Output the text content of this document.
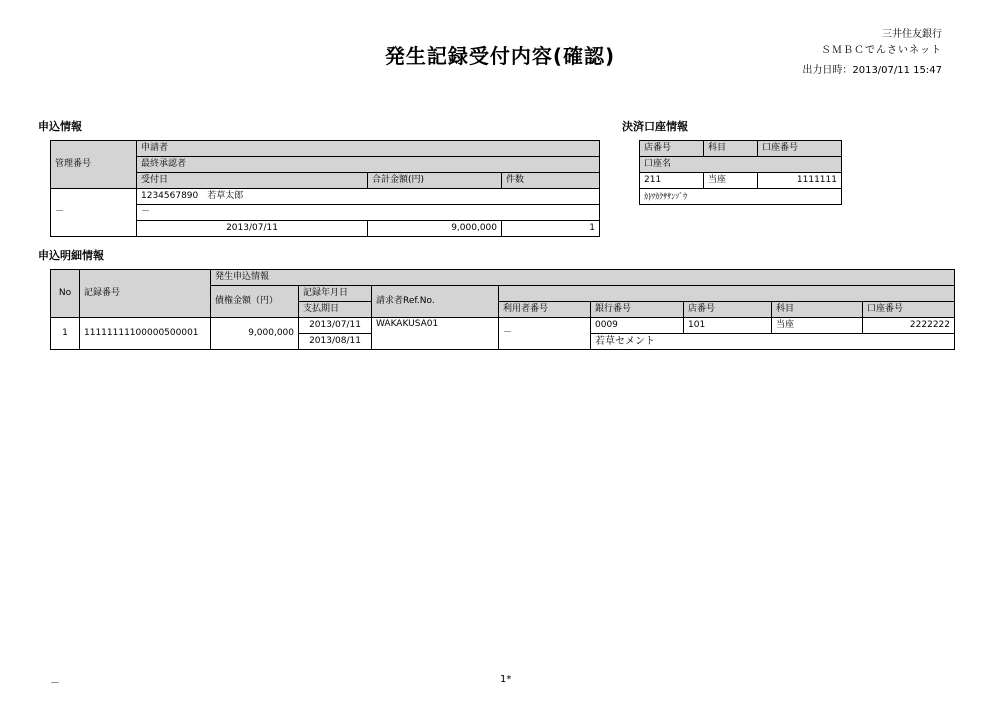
発生記録受付内容(確認)
三井住友銀行
ＳＭＢＣでんさいネット
出力日時：2013/07/11 15:47
申込情報
管理番号	申請者		
	最終承認者		
	受付日	合計金額(円)	件数
－	1234567890　若草太郎		
	－		
	2013/07/11	9,000,000	1
決済口座情報
店番号	科目	口座番号
口座名		
211	当座	1111111
ｶ)ﾜｶｸｻｻﾝｿﾞｳ		
申込明細情報
No	記録番号	発生申込情報							
		債権金額（円）	記録年月日	請求者Ref.No.					
			支払期日		利用者番号	銀行番号	店番号	科目	口座番号
1	11111111100000500001	9,000,000	2013/07/11	WAKAKUSA01	－	0009	101	当座	2222222
			2013/08/11			若草セメント			
－	1*
